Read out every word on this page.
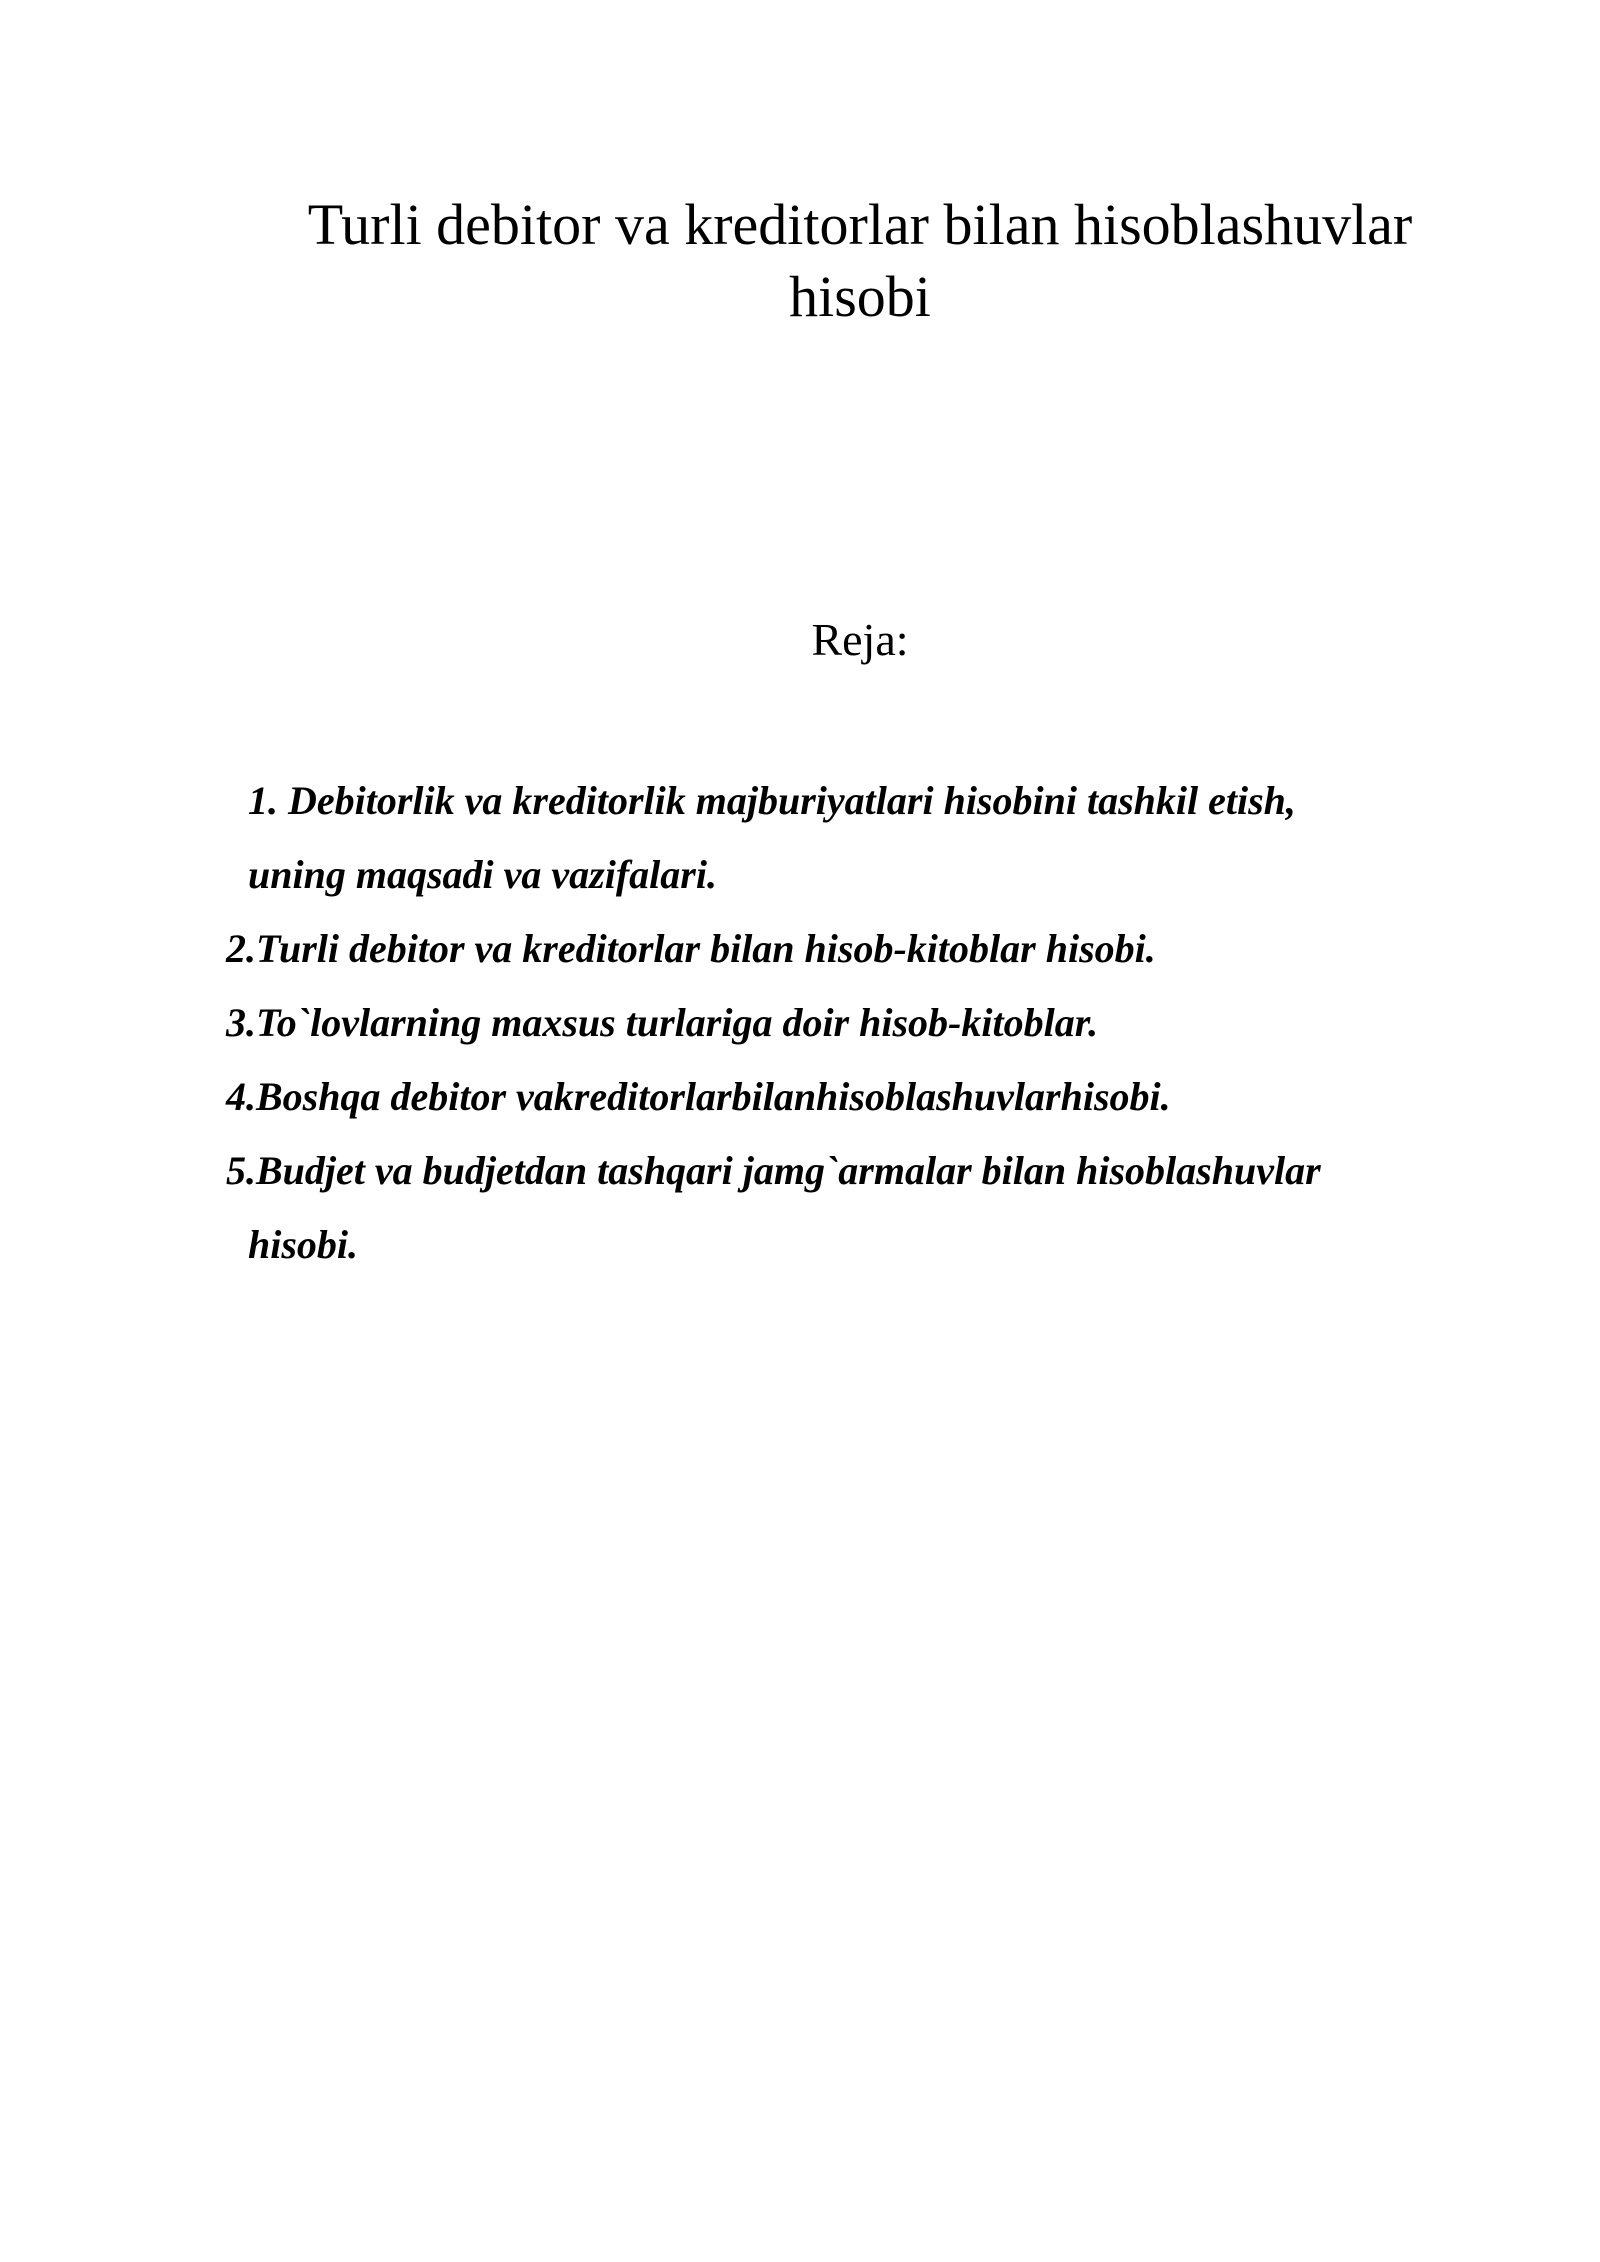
Turli debitor va kreditorlar bilan hisoblashuvlar
hisobi
Reja:
1. Debitorlik va kreditorlik majburiyatlari hisobini tashkil etish,
uning maqsadi va vazifalari.
2.Turli debitor va kreditorlar bilan hisob-kitoblar hisobi.
3.To`lovlarning maxsus turlariga doir hisob-kitoblar.
4.Boshqa debitor vakreditorlarbilanhisoblashuvlarhisobi.
5.Budjet va budjetdan tashqari jamg`armalar bilan hisoblashuvlar
hisobi.
